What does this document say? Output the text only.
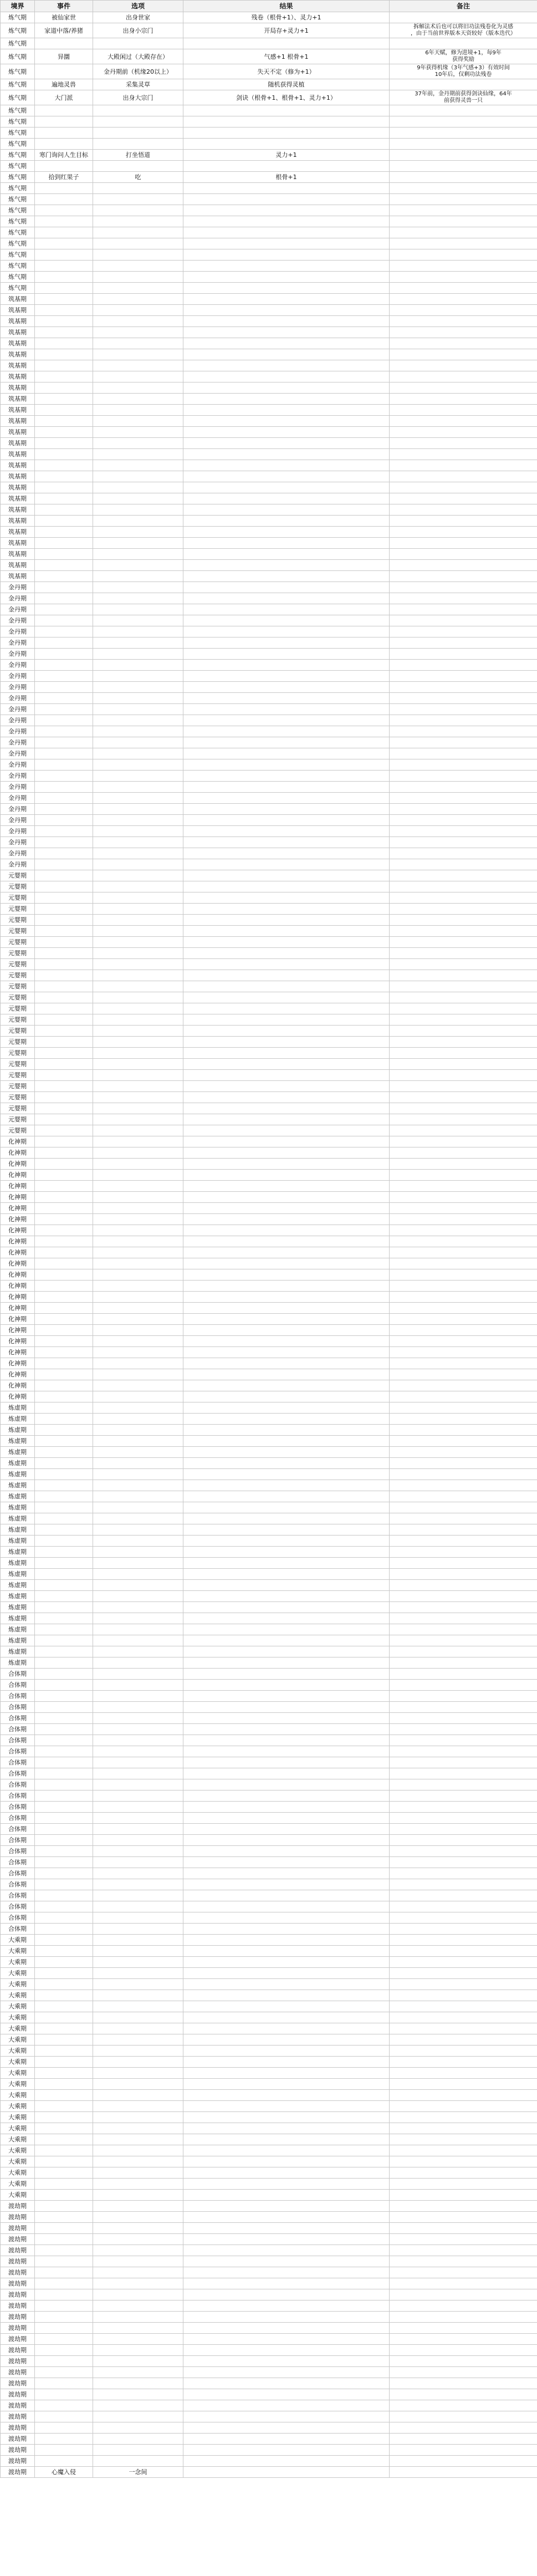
境界	事件	选项	结果	备注
炼气期	被仙家世	出身世家	残卷（根骨+1）、灵力+1	
炼气期	家道中落/养猪	出身小宗门	开局存+灵力+1	拆解法术后也可以将旧功法残卷化为灵感
，由于当前世界版本天资较好（版本迭代）
炼气期				
炼气期	异圜	大殿闲过（大殿存在）	气感+1 根骨+1	6年天赋，修为进境+1，每9年
获得奖励
炼气期		金丹期前（机缘20以上）	失天不定（修为+1）	9年获得机缘（3年气感+3）有效时间
10年后，仅剩功法残卷
炼气期	遍地灵兽	采集灵草	随机获得灵植	
炼气期	大门派	出身大宗门	剑诀（根骨+1、根骨+1、灵力+1）	37年前，金丹期前获得剑诀仙缘，64年
前获得灵兽一只
炼气期				
炼气期				
炼气期				
炼气期				
炼气期	寒门询问人生目标	打坐悟道	灵力+1	
炼气期				
炼气期	拾到红果子	吃	根骨+1	
炼气期				
炼气期				
炼气期				
炼气期				
炼气期				
炼气期				
炼气期				
炼气期				
炼气期				
炼气期				
筑基期				
筑基期				
筑基期				
筑基期				
筑基期				
筑基期				
筑基期				
筑基期				
筑基期				
筑基期				
筑基期				
筑基期				
筑基期				
筑基期				
筑基期				
筑基期				
筑基期				
筑基期				
筑基期				
筑基期				
筑基期				
筑基期				
筑基期				
筑基期				
筑基期				
筑基期				
金丹期				
金丹期				
金丹期				
金丹期				
金丹期				
金丹期				
金丹期				
金丹期				
金丹期				
金丹期				
金丹期				
金丹期				
金丹期				
金丹期				
金丹期				
金丹期				
金丹期				
金丹期				
金丹期				
金丹期				
金丹期				
金丹期				
金丹期				
金丹期				
金丹期				
金丹期				
元婴期				
元婴期				
元婴期				
元婴期				
元婴期				
元婴期				
元婴期				
元婴期				
元婴期				
元婴期				
元婴期				
元婴期				
元婴期				
元婴期				
元婴期				
元婴期				
元婴期				
元婴期				
元婴期				
元婴期				
元婴期				
元婴期				
元婴期				
元婴期				
化神期				
化神期				
化神期				
化神期				
化神期				
化神期				
化神期				
化神期				
化神期				
化神期				
化神期				
化神期				
化神期				
化神期				
化神期				
化神期				
化神期				
化神期				
化神期				
化神期				
化神期				
化神期				
化神期				
化神期				
炼虚期				
炼虚期				
炼虚期				
炼虚期				
炼虚期				
炼虚期				
炼虚期				
炼虚期				
炼虚期				
炼虚期				
炼虚期				
炼虚期				
炼虚期				
炼虚期				
炼虚期				
炼虚期				
炼虚期				
炼虚期				
炼虚期				
炼虚期				
炼虚期				
炼虚期				
炼虚期				
炼虚期				
合体期				
合体期				
合体期				
合体期				
合体期				
合体期				
合体期				
合体期				
合体期				
合体期				
合体期				
合体期				
合体期				
合体期				
合体期				
合体期				
合体期				
合体期				
合体期				
合体期				
合体期				
合体期				
合体期				
合体期				
大乘期				
大乘期				
大乘期				
大乘期				
大乘期				
大乘期				
大乘期				
大乘期				
大乘期				
大乘期				
大乘期				
大乘期				
大乘期				
大乘期				
大乘期				
大乘期				
大乘期				
大乘期				
大乘期				
大乘期				
大乘期				
大乘期				
大乘期				
大乘期				
渡劫期				
渡劫期				
渡劫期				
渡劫期				
渡劫期				
渡劫期				
渡劫期				
渡劫期				
渡劫期				
渡劫期				
渡劫期				
渡劫期				
渡劫期				
渡劫期				
渡劫期				
渡劫期				
渡劫期				
渡劫期				
渡劫期				
渡劫期				
渡劫期				
渡劫期				
渡劫期				
渡劫期				
渡劫期	心魔入侵	一念间		
